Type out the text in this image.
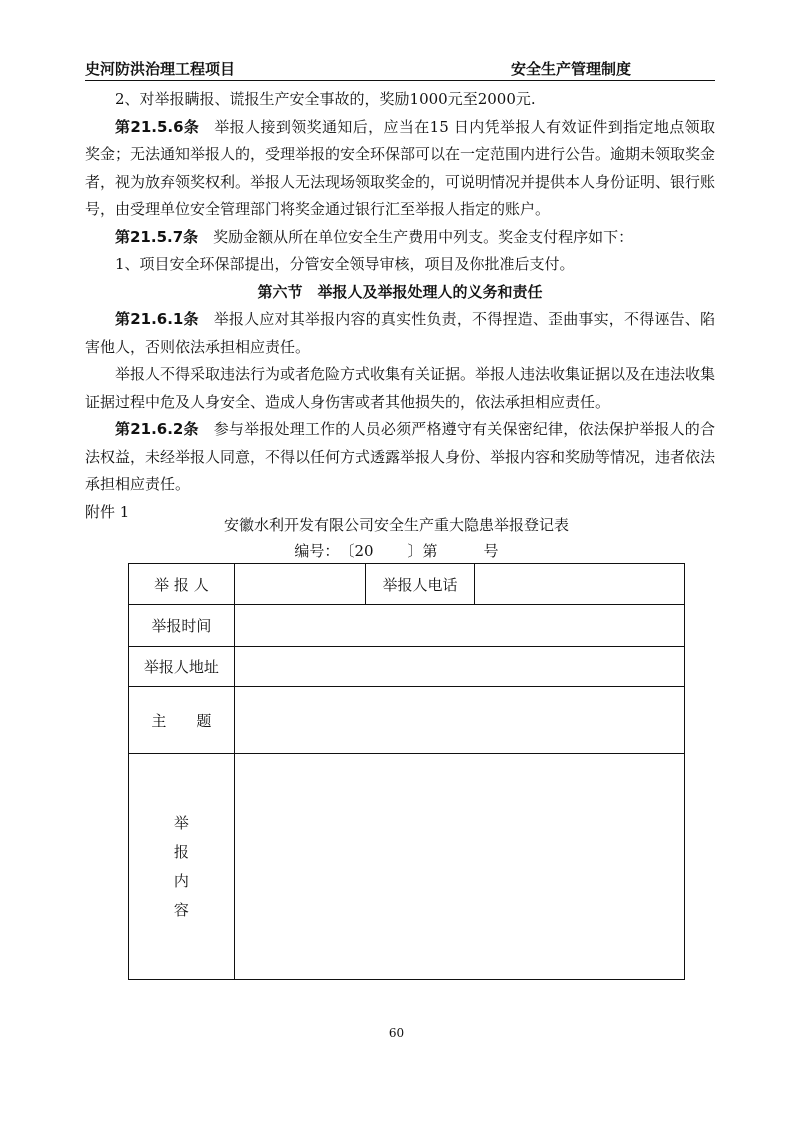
史河防洪治理工程项目	安全生产管理制度

2、对举报瞒报、谎报生产安全事故的，奖励1000元至2000元.

第21.5.6条 举报人接到领奖通知后，应当在15 日内凭举报人有效证件到指定地点领取奖金；无法通知举报人的，受理举报的安全环保部可以在一定范围内进行公告。逾期未领取奖金者，视为放弃领奖权利。举报人无法现场领取奖金的，可说明情况并提供本人身份证明、银行账号，由受理单位安全管理部门将奖金通过银行汇至举报人指定的账户。

第21.5.7条 奖励金额从所在单位安全生产费用中列支。奖金支付程序如下：

1、项目安全环保部提出，分管安全领导审核，项目及你批准后支付。

第六节　举报人及举报处理人的义务和责任

第21.6.1条 举报人应对其举报内容的真实性负责，不得捏造、歪曲事实，不得诬告、陷害他人，否则依法承担相应责任。

举报人不得采取违法行为或者危险方式收集有关证据。举报人违法收集证据以及在违法收集证据过程中危及人身安全、造成人身伤害或者其他损失的，依法承担相应责任。

第21.6.2条 参与举报处理工作的人员必须严格遵守有关保密纪律，依法保护举报人的合法权益，未经举报人同意，不得以任何方式透露举报人身份、举报内容和奖励等情况，违者依法承担相应责任。

附件 1

安徽水利开发有限公司安全生产重大隐患举报登记表
编号：〔20 〕第	号
举 报 人		举报人电话	
举报时间			
举报人地址			
主　　题			

举
报
内
容			

60
